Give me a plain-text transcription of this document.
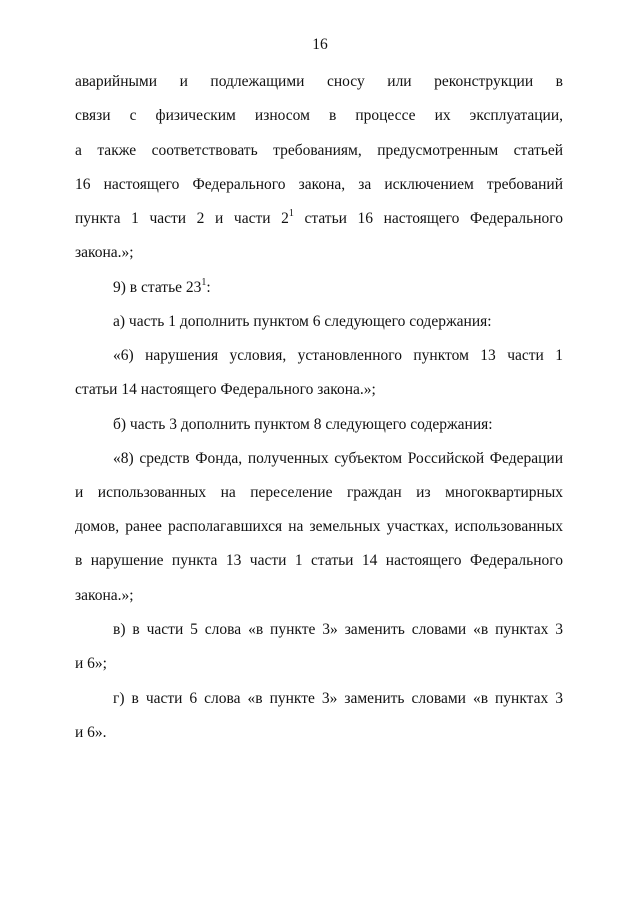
16
аварийными и подлежащими сносу или реконструкции в
связи с физическим износом в процессе их эксплуатации,
а также соответствовать требованиям, предусмотренным статьей
16 настоящего Федерального закона, за исключением требований
пункта 1 части 2 и части $2^1$ статьи 16 настоящего Федерального
закона.»;
9) в статье $23^1$:
а) часть 1 дополнить пунктом 6 следующего содержания:
«6) нарушения условия, установленного пунктом 13 части 1
статьи 14 настоящего Федерального закона.»;
б) часть 3 дополнить пунктом 8 следующего содержания:
«8) средств Фонда, полученных субъектом Российской Федерации
и использованных на переселение граждан из многоквартирных
домов, ранее располагавшихся на земельных участках, использованных
в нарушение пункта 13 части 1 статьи 14 настоящего Федерального
закона.»;
в) в части 5 слова «в пункте 3» заменить словами «в пунктах 3
и 6»;
г) в части 6 слова «в пункте 3» заменить словами «в пунктах 3
и 6».
